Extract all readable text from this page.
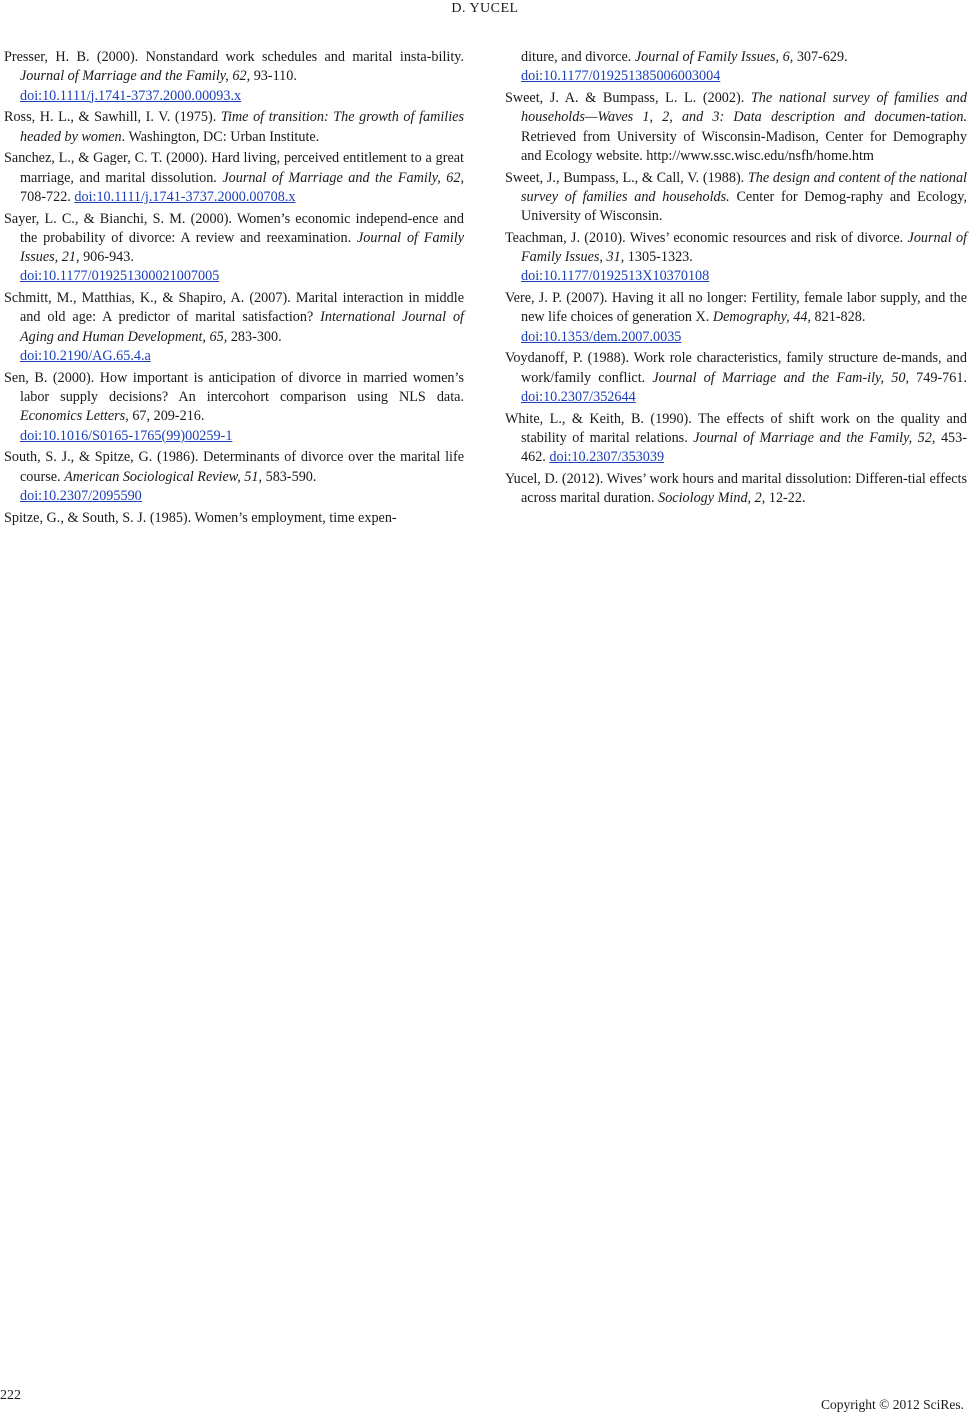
D. YUCEL

Presser, H. B. (2000). Nonstandard work schedules and marital insta-bility. Journal of Marriage and the Family, 62, 93-110.
doi:10.1111/j.1741-3737.2000.00093.x

Ross, H. L., & Sawhill, I. V. (1975). Time of transition: The growth of families headed by women. Washington, DC: Urban Institute.

Sanchez, L., & Gager, C. T. (2000). Hard living, perceived entitlement to a great marriage, and marital dissolution. Journal of Marriage and the Family, 62, 708-722. doi:10.1111/j.1741-3737.2000.00708.x

Sayer, L. C., & Bianchi, S. M. (2000). Women’s economic independ-ence and the probability of divorce: A review and reexamination. Journal of Family Issues, 21, 906-943.
doi:10.1177/019251300021007005

Schmitt, M., Matthias, K., & Shapiro, A. (2007). Marital interaction in middle and old age: A predictor of marital satisfaction? International Journal of Aging and Human Development, 65, 283-300.
doi:10.2190/AG.65.4.a

Sen, B. (2000). How important is anticipation of divorce in married women’s labor supply decisions? An intercohort comparison using NLS data. Economics Letters, 67, 209-216.
doi:10.1016/S0165-1765(99)00259-1

South, S. J., & Spitze, G. (1986). Determinants of divorce over the marital life course. American Sociological Review, 51, 583-590.
doi:10.2307/2095590

Spitze, G., & South, S. J. (1985). Women’s employment, time expen-

diture, and divorce. Journal of Family Issues, 6, 307-629.
doi:10.1177/019251385006003004

Sweet, J. A. & Bumpass, L. L. (2002). The national survey of families and households—Waves 1, 2, and 3: Data description and documen-tation. Retrieved from University of Wisconsin-Madison, Center for Demography and Ecology website. http://www.ssc.wisc.edu/nsfh/home.htm

Sweet, J., Bumpass, L., & Call, V. (1988). The design and content of the national survey of families and households. Center for Demog-raphy and Ecology, University of Wisconsin.

Teachman, J. (2010). Wives’ economic resources and risk of divorce. Journal of Family Issues, 31, 1305-1323.
doi:10.1177/0192513X10370108

Vere, J. P. (2007). Having it all no longer: Fertility, female labor supply, and the new life choices of generation X. Demography, 44, 821-828.
doi:10.1353/dem.2007.0035

Voydanoff, P. (1988). Work role characteristics, family structure de-mands, and work/family conflict. Journal of Marriage and the Fam-ily, 50, 749-761. doi:10.2307/352644

White, L., & Keith, B. (1990). The effects of shift work on the quality and stability of marital relations. Journal of Marriage and the Family, 52, 453-462. doi:10.2307/353039

Yucel, D. (2012). Wives’ work hours and marital dissolution: Differen-tial effects across marital duration. Sociology Mind, 2, 12-22.

222
Copyright © 2012 SciRes.
